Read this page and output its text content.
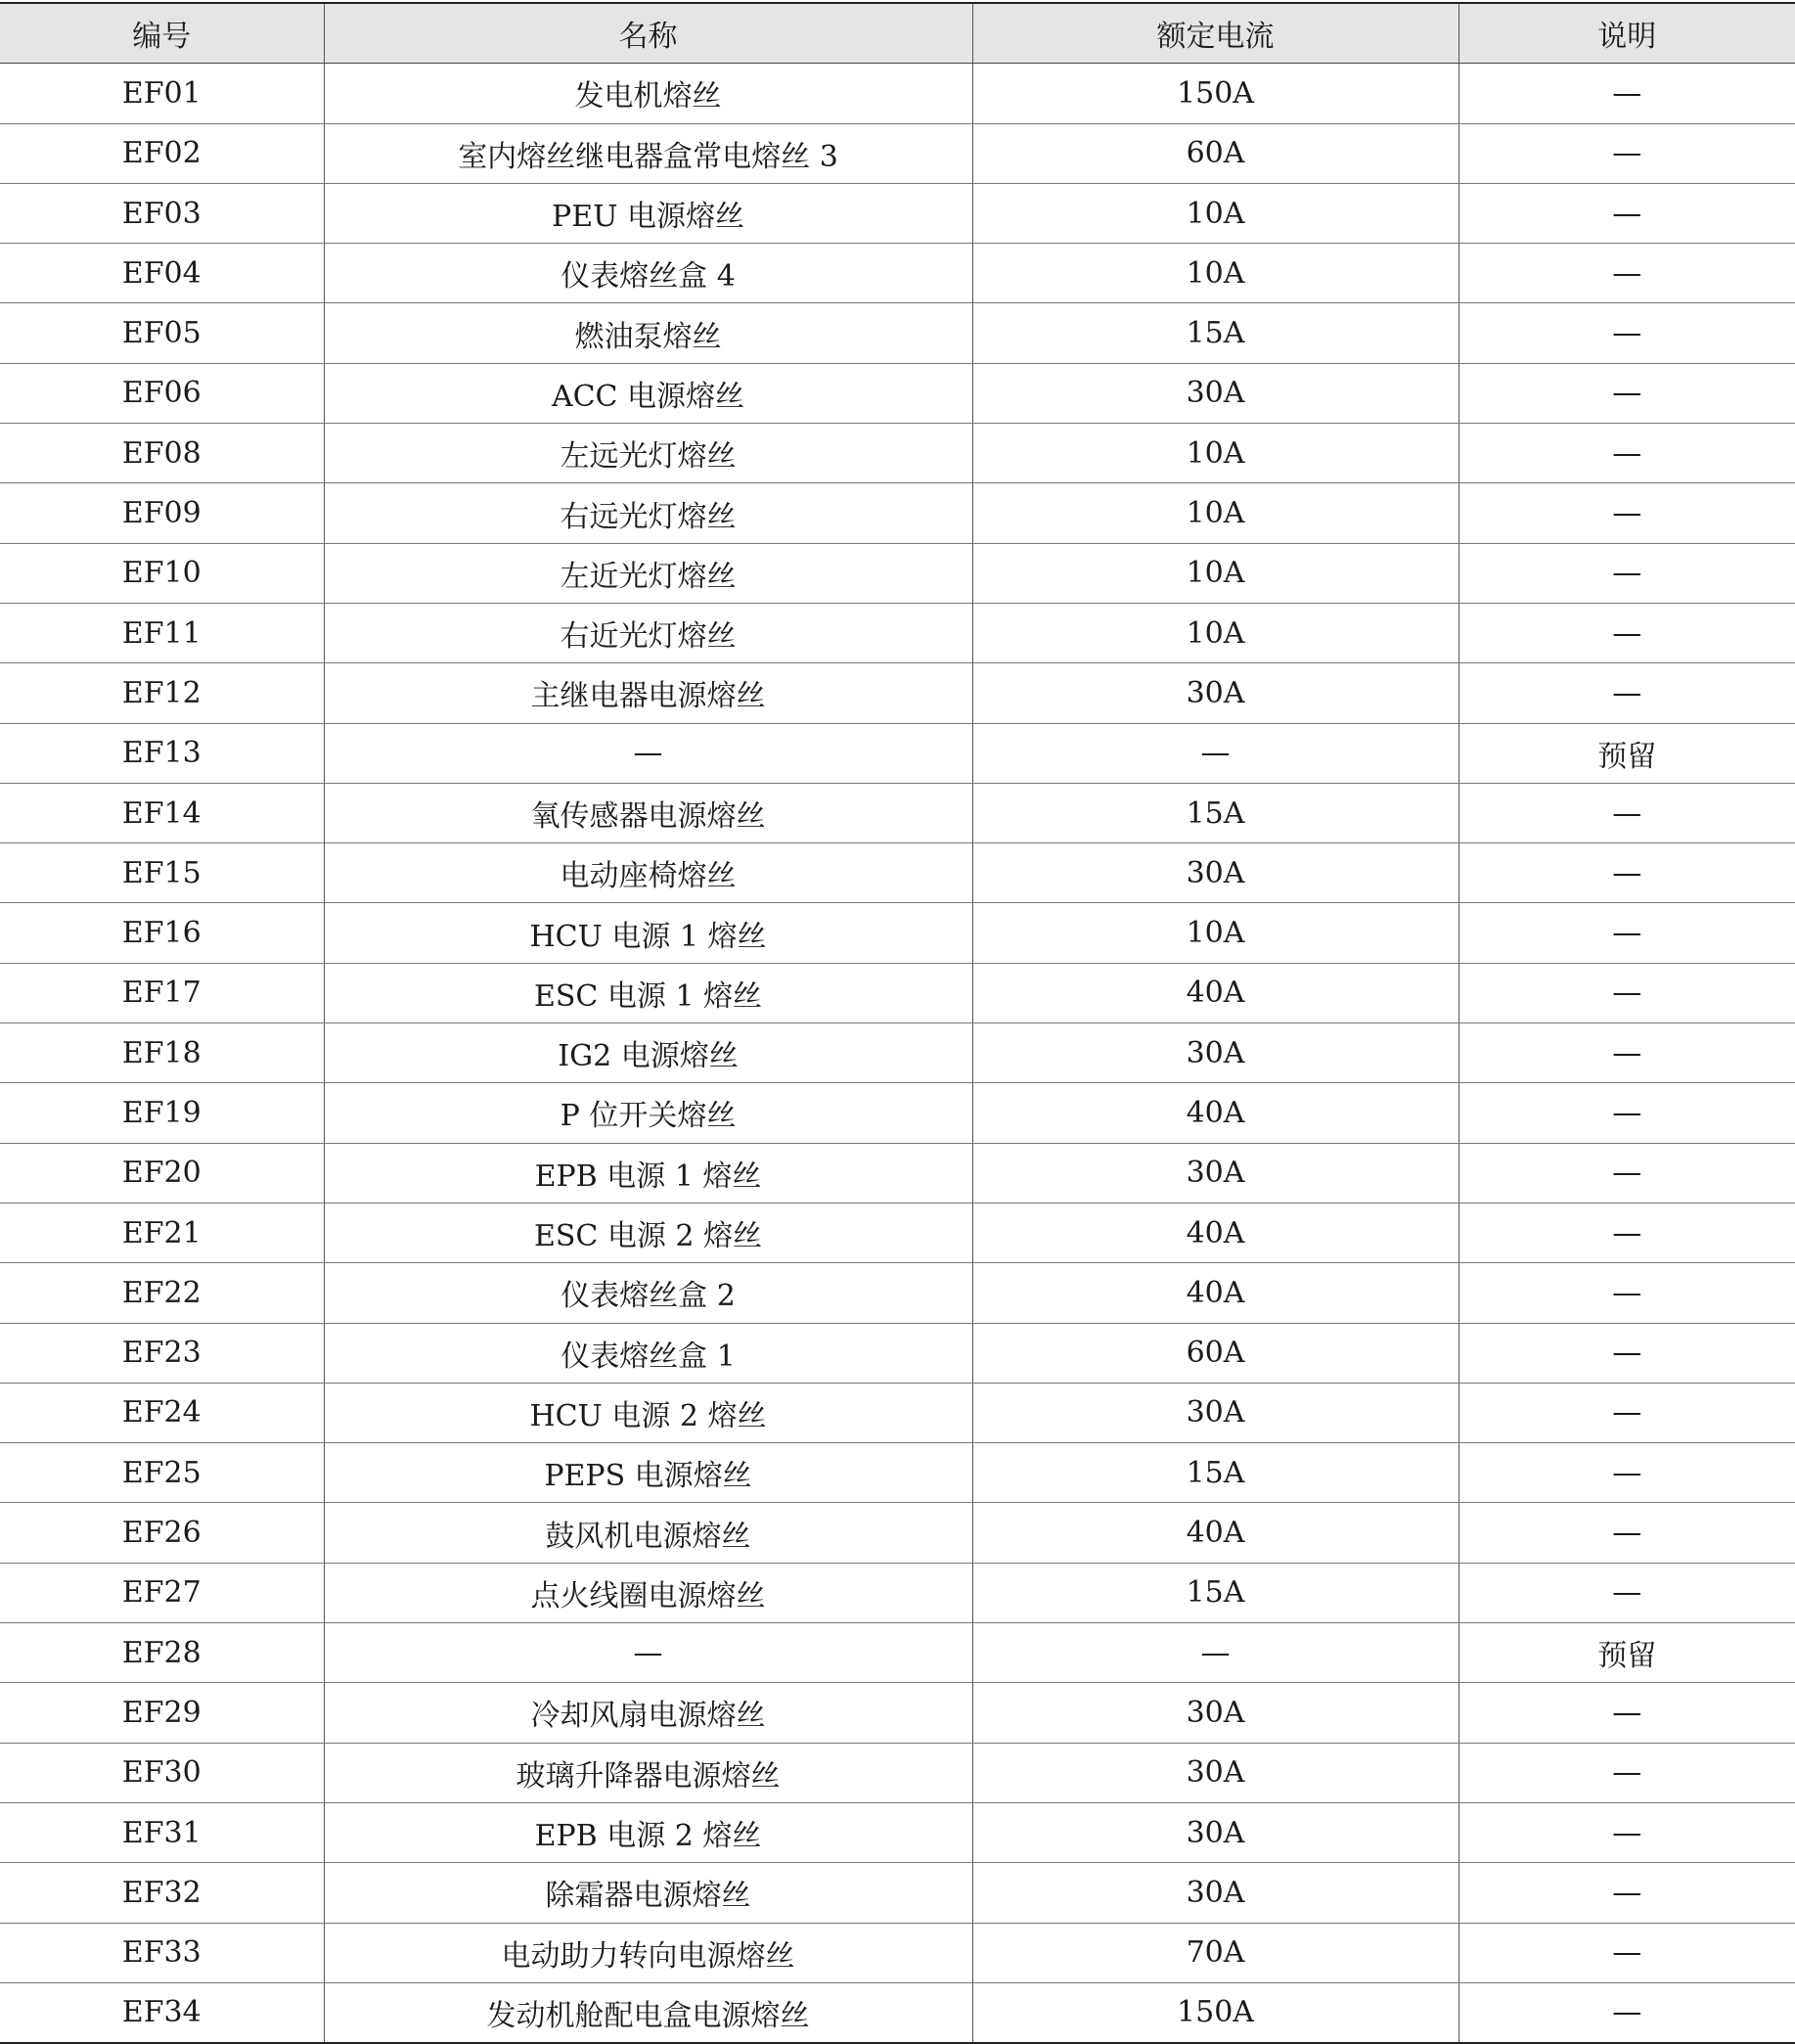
编号	名称	额定电流	说明
EF01	发电机熔丝	150A	—
EF02	室内熔丝继电器盒常电熔丝 3	60A	—
EF03	PEU 电源熔丝	10A	—
EF04	仪表熔丝盒 4	10A	—
EF05	燃油泵熔丝	15A	—
EF06	ACC 电源熔丝	30A	—
EF08	左远光灯熔丝	10A	—
EF09	右远光灯熔丝	10A	—
EF10	左近光灯熔丝	10A	—
EF11	右近光灯熔丝	10A	—
EF12	主继电器电源熔丝	30A	—
EF13	—	—	预留
EF14	氧传感器电源熔丝	15A	—
EF15	电动座椅熔丝	30A	—
EF16	HCU 电源 1 熔丝	10A	—
EF17	ESC 电源 1 熔丝	40A	—
EF18	IG2 电源熔丝	30A	—
EF19	P 位开关熔丝	40A	—
EF20	EPB 电源 1 熔丝	30A	—
EF21	ESC 电源 2 熔丝	40A	—
EF22	仪表熔丝盒 2	40A	—
EF23	仪表熔丝盒 1	60A	—
EF24	HCU 电源 2 熔丝	30A	—
EF25	PEPS 电源熔丝	15A	—
EF26	鼓风机电源熔丝	40A	—
EF27	点火线圈电源熔丝	15A	—
EF28	—	—	预留
EF29	冷却风扇电源熔丝	30A	—
EF30	玻璃升降器电源熔丝	30A	—
EF31	EPB 电源 2 熔丝	30A	—
EF32	除霜器电源熔丝	30A	—
EF33	电动助力转向电源熔丝	70A	—
EF34	发动机舱配电盒电源熔丝	150A	—
